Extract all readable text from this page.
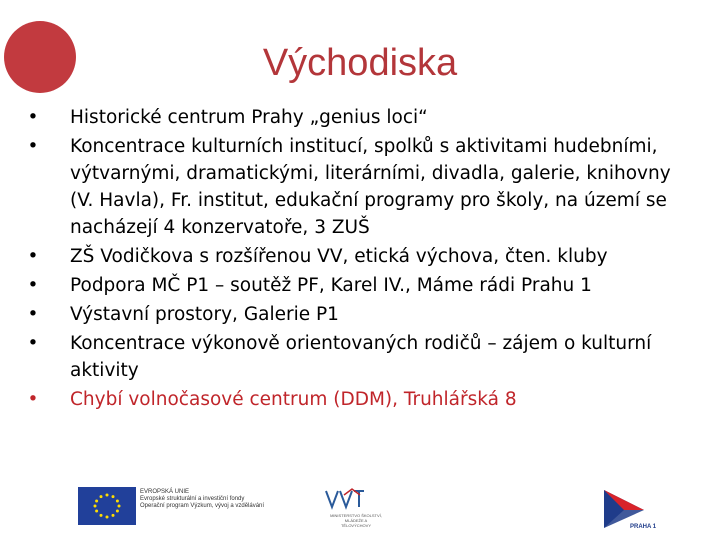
Východiska
• Historické centrum Prahy „genius loci“
• Koncentrace kulturních institucí, spolků s aktivitami hudebními, výtvarnými, dramatickými, literárními, divadla, galerie, knihovny (V. Havla), Fr. institut, edukační programy pro školy, na území se nacházejí 4 konzervatoře, 3 ZUŠ
• ZŠ Vodičkova s rozšířenou VV, etická výchova, čten. kluby
• Podpora MČ P1 – soutěž PF, Karel IV., Máme rádi Prahu 1
• Výstavní prostory, Galerie P1
• Koncentrace výkonově orientovaných rodičů – zájem o kulturní aktivity
• Chybí volnočasové centrum (DDM), Truhlářská 8
EVROPSKÁ UNIE
Evropské strukturální a investiční fondy
Operační program Výzkum, vývoj a vzdělávání
MINISTERSTVO ŠKOLSTVÍ, MLÁDEŽE A TĚLOVÝCHOVY	PRAHA 1
